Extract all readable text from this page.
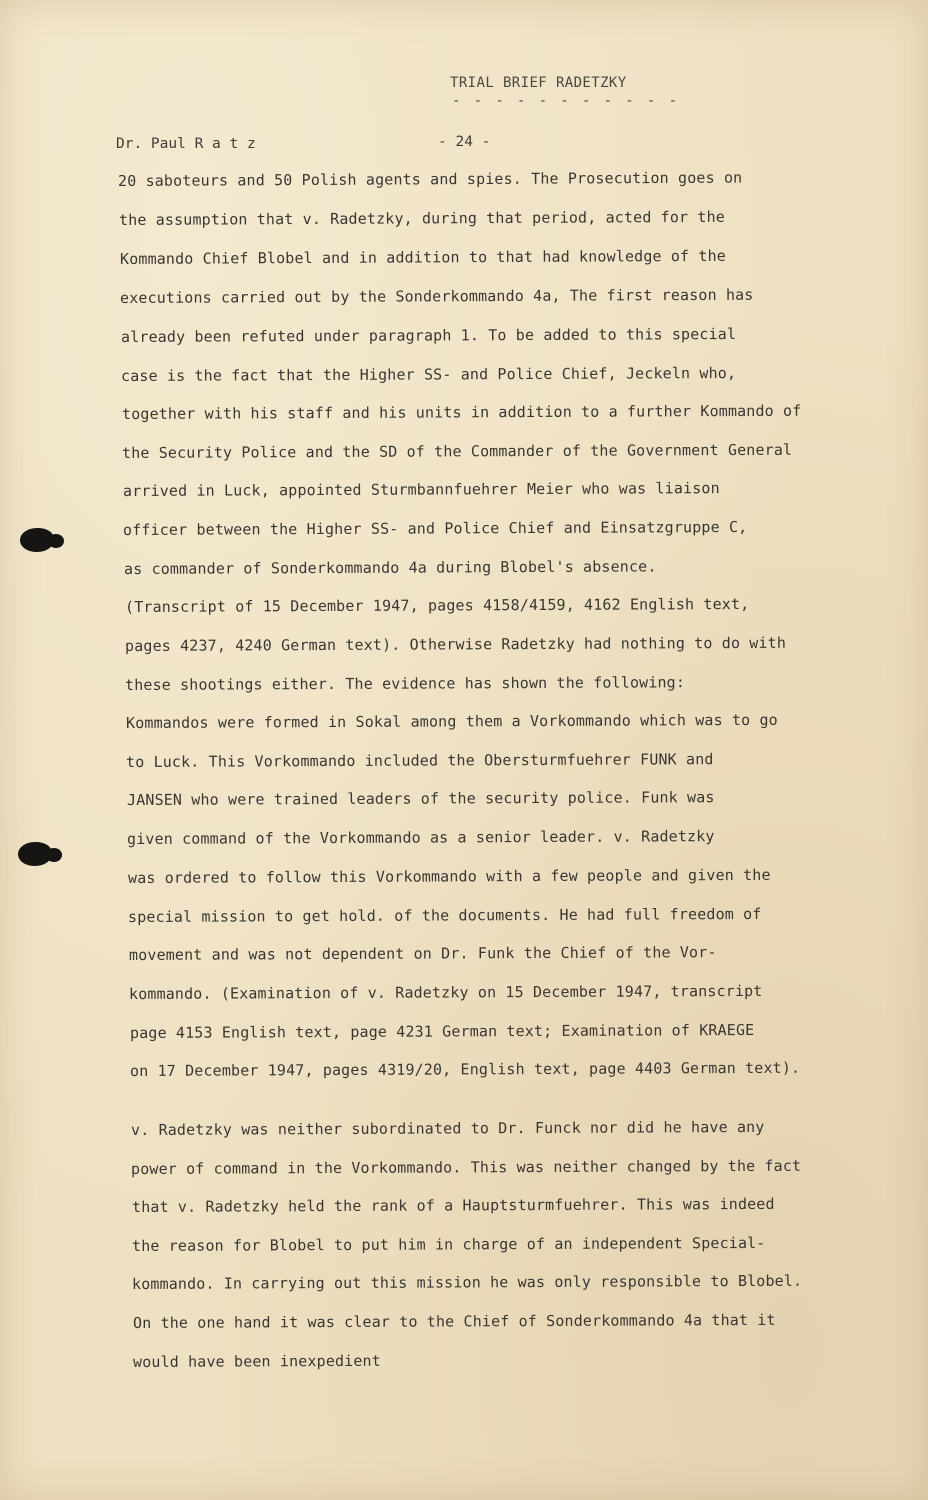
TRIAL BRIEF RADETZKY
- - - - - - - - - - -
Dr. Paul R a t z	- 24 -
20 saboteurs and 50 Polish agents and spies. The Prosecution goes on
the assumption that v. Radetzky, during that period, acted for the
Kommando Chief Blobel and in addition to that had knowledge of the
executions carried out by the Sonderkommando 4a, The first reason has
already been refuted under paragraph 1. To be added to this special
case is the fact that the Higher SS- and Police Chief, Jeckeln who,
together with his staff and his units in addition to a further Kommando of
the Security Police and the SD of the Commander of the Government General
arrived in Luck, appointed Sturmbannfuehrer Meier who was liaison
officer between the Higher SS- and Police Chief and Einsatzgruppe C,
as commander of Sonderkommando 4a during Blobel's absence.
(Transcript of 15 December 1947, pages 4158/4159, 4162 English text,
pages 4237, 4240 German text). Otherwise Radetzky had nothing to do with
these shootings either. The evidence has shown the following:
Kommandos were formed in Sokal among them a Vorkommando which was to go
to Luck. This Vorkommando included the Obersturmfuehrer FUNK and
JANSEN who were trained leaders of the security police. Funk was
given command of the Vorkommando as a senior leader. v. Radetzky
was ordered to follow this Vorkommando with a few people and given the
special mission to get hold. of the documents. He had full freedom of
movement and was not dependent on Dr. Funk the Chief of the Vor-
kommando. (Examination of v. Radetzky on 15 December 1947, transcript
page 4153 English text, page 4231 German text; Examination of KRAEGE
on 17 December 1947, pages 4319/20, English text, page 4403 German text).
v. Radetzky was neither subordinated to Dr. Funck nor did he have any
power of command in the Vorkommando. This was neither changed by the fact
that v. Radetzky held the rank of a Hauptsturmfuehrer. This was indeed
the reason for Blobel to put him in charge of an independent Special-
kommando. In carrying out this mission he was only responsible to Blobel.
On the one hand it was clear to the Chief of Sonderkommando 4a that it
would have been inexpedient
